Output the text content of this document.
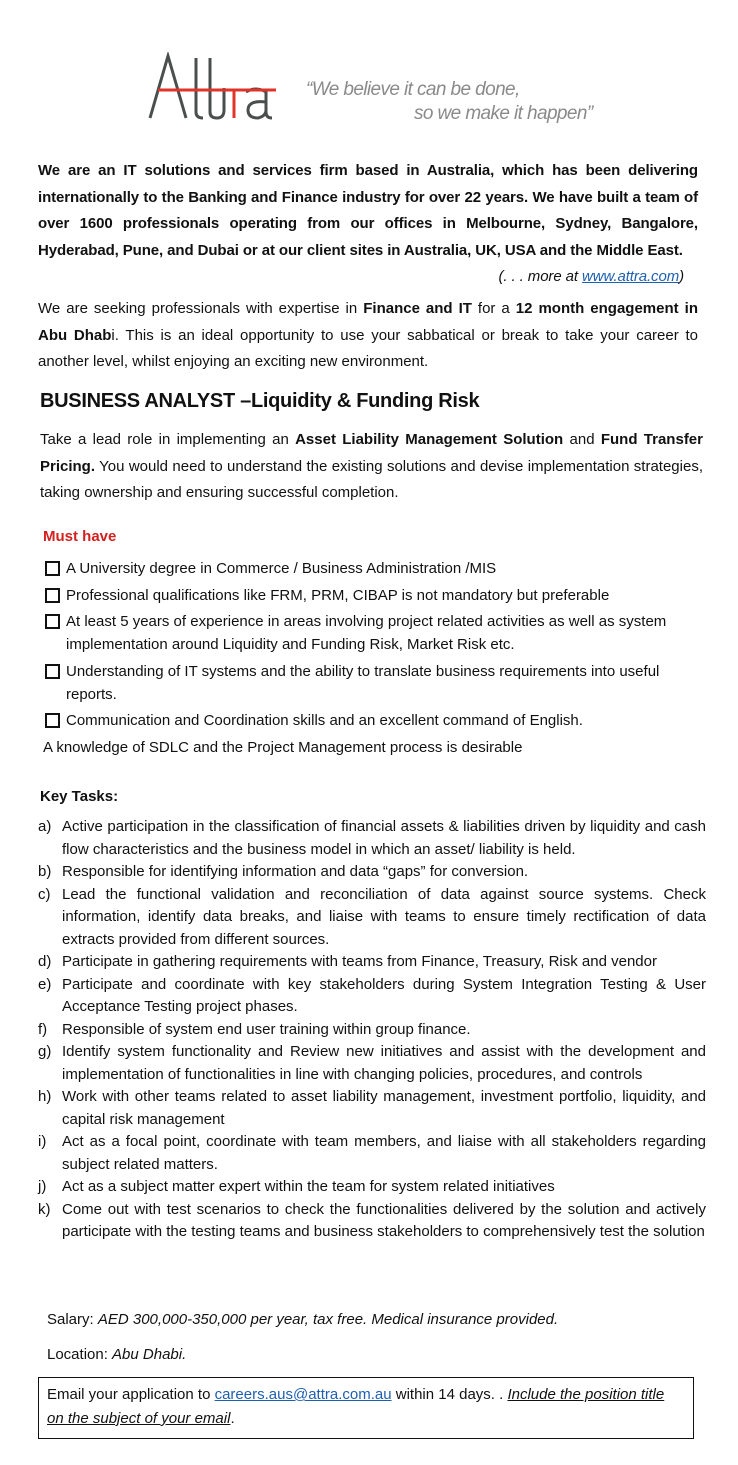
“We believe it can be done,
so we make it happen”
We are an IT solutions and services firm based in Australia, which has been delivering internationally to the Banking and Finance industry for over 22 years. We have built a team of over 1600 professionals operating from our offices in Melbourne, Sydney, Bangalore, Hyderabad, Pune, and Dubai or at our client sites in Australia, UK, USA and the Middle East.
(. . . more at www.attra.com)
We are seeking professionals with expertise in Finance and IT for a 12 month engagement in Abu Dhabi. This is an ideal opportunity to use your sabbatical or break to take your career to another level, whilst enjoying an exciting new environment.
BUSINESS ANALYST –Liquidity & Funding Risk
Take a lead role in implementing an Asset Liability Management Solution and Fund Transfer Pricing. You would need to understand the existing solutions and devise implementation strategies, taking ownership and ensuring successful completion.
Must have
A University degree in Commerce / Business Administration /MIS
Professional qualifications like FRM, PRM, CIBAP is not mandatory but preferable
At least 5 years of experience in areas involving project related activities as well as system implementation around Liquidity and Funding Risk, Market Risk etc.
Understanding of IT systems and the ability to translate business requirements into useful reports.
Communication and Coordination skills and an excellent command of English.
A knowledge of SDLC and the Project Management process is desirable
Key Tasks:
a) Active participation in the classification of financial assets & liabilities driven by liquidity and cash flow characteristics and the business model in which an asset/ liability is held.
b) Responsible for identifying information and data “gaps” for conversion.
c) Lead the functional validation and reconciliation of data against source systems. Check information, identify data breaks, and liaise with teams to ensure timely rectification of data extracts provided from different sources.
d) Participate in gathering requirements with teams from Finance, Treasury, Risk and vendor
e) Participate and coordinate with key stakeholders during System Integration Testing & User Acceptance Testing project phases.
f) Responsible of system end user training within group finance.
g) Identify system functionality and Review new initiatives and assist with the development and implementation of functionalities in line with changing policies, procedures, and controls
h) Work with other teams related to asset liability management, investment portfolio, liquidity, and capital risk management
i)	Act as a focal point, coordinate with team members, and liaise with all stakeholders regarding subject related matters.
j)	Act as a subject matter expert within the team for system related initiatives
k) Come out with test scenarios to check the functionalities delivered by the solution and actively participate with the testing teams and business stakeholders to comprehensively test the solution
Salary: AED 300,000-350,000 per year, tax free. Medical insurance provided.
Location: Abu Dhabi.
Email your application to careers.aus@attra.com.au within 14 days. . Include the position title on the subject of your email.
